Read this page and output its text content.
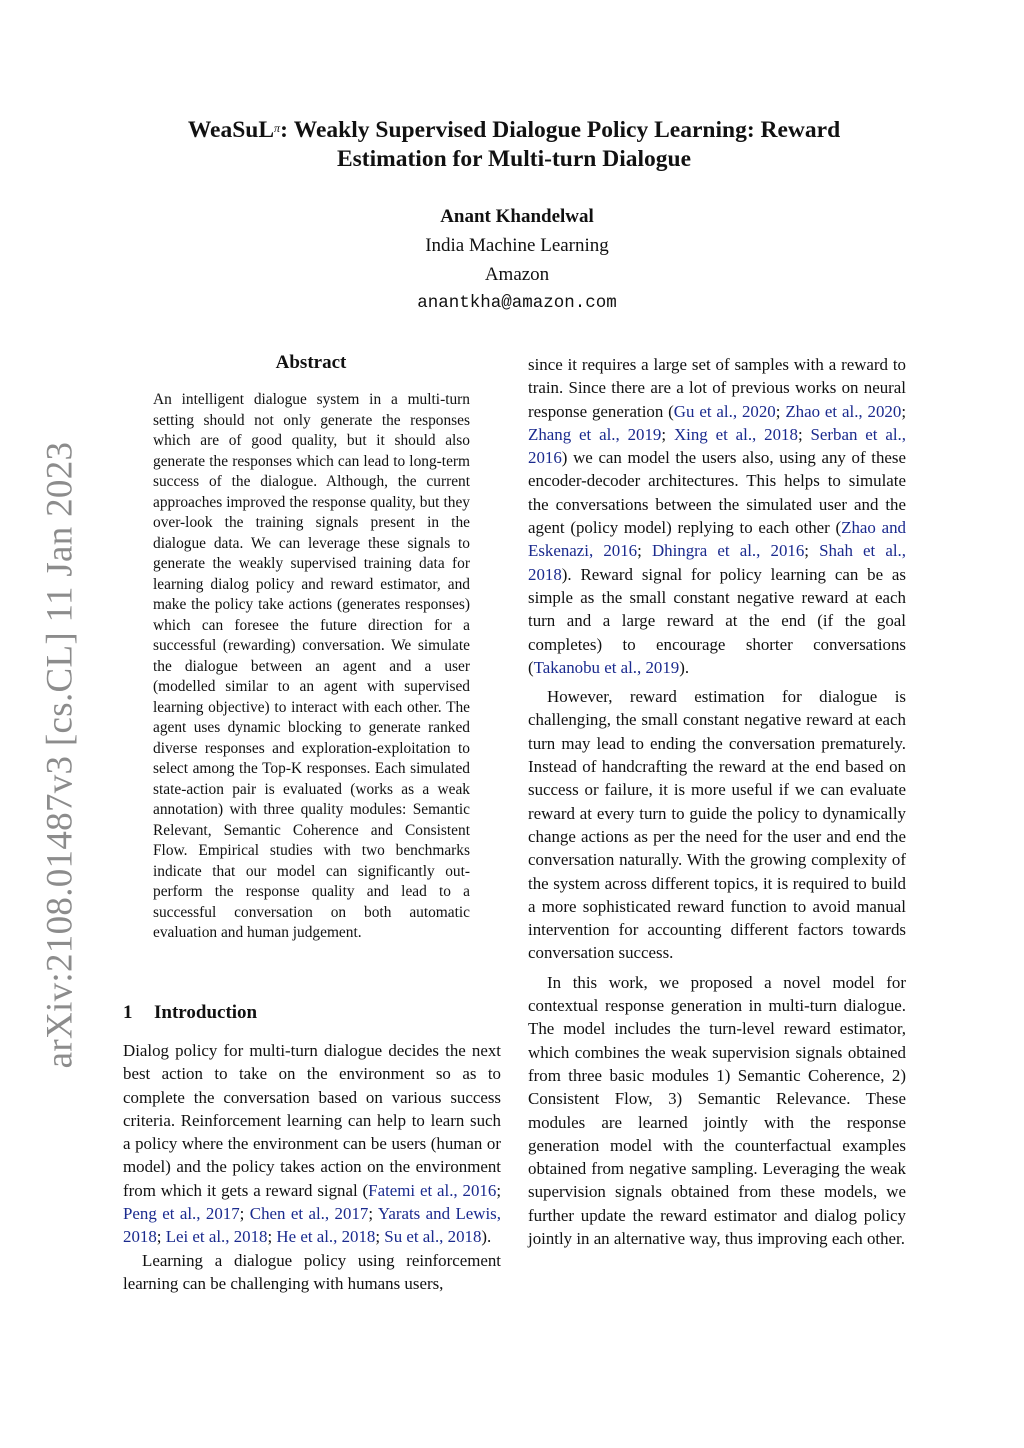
arXiv:2108.01487v3 [cs.CL] 11 Jan 2023
WeaSuL$^\pi$: Weakly Supervised Dialogue Policy Learning: Reward
Estimation for Multi-turn Dialogue
Anant Khandelwal
India Machine Learning
Amazon
anantkha@amazon.com
Abstract
An intelligent dialogue system in a multi-turn setting should not only generate the responses which are of good quality, but it should also generate the responses which can lead to long-term success of the dialogue. Although, the current approaches improved the response quality, but they over-look the training signals present in the dialogue data. We can leverage these signals to generate the weakly supervised training data for learning dialog policy and reward estimator, and make the policy take actions (generates responses) which can foresee the future direction for a successful (rewarding) conversation. We simulate the dialogue between an agent and a user (modelled similar to an agent with supervised learning objective) to interact with each other. The agent uses dynamic blocking to generate ranked diverse responses and exploration-exploitation to select among the Top-K responses. Each simulated state-action pair is evaluated (works as a weak annotation) with three quality modules: Semantic Relevant, Semantic Coherence and Consistent Flow. Empirical studies with two benchmarks indicate that our model can significantly out-perform the response quality and lead to a successful conversation on both automatic evaluation and human judgement.
1 Introduction

Dialog policy for multi-turn dialogue decides the next best action to take on the environment so as to complete the conversation based on various success criteria. Reinforcement learning can help to learn such a policy where the environment can be users (human or model) and the policy takes action on the environment from which it gets a reward signal (Fatemi et al., 2016; Peng et al., 2017; Chen et al., 2017; Yarats and Lewis, 2018; Lei et al., 2018; He et al., 2018; Su et al., 2018).

Learning a dialogue policy using reinforcement learning can be challenging with humans users,

since it requires a large set of samples with a reward to train. Since there are a lot of previous works on neural response generation (Gu et al., 2020; Zhao et al., 2020; Zhang et al., 2019; Xing et al., 2018; Serban et al., 2016) we can model the users also, using any of these encoder-decoder architectures. This helps to simulate the conversations between the simulated user and the agent (policy model) replying to each other (Zhao and Eskenazi, 2016; Dhingra et al., 2016; Shah et al., 2018). Reward signal for policy learning can be as simple as the small constant negative reward at each turn and a large reward at the end (if the goal completes) to encourage shorter conversations (Takanobu et al., 2019).

However, reward estimation for dialogue is challenging, the small constant negative reward at each turn may lead to ending the conversation prematurely. Instead of handcrafting the reward at the end based on success or failure, it is more useful if we can evaluate reward at every turn to guide the policy to dynamically change actions as per the need for the user and end the conversation naturally. With the growing complexity of the system across different topics, it is required to build a more sophisticated reward function to avoid manual intervention for accounting different factors towards conversation success.

In this work, we proposed a novel model for contextual response generation in multi-turn dialogue. The model includes the turn-level reward estimator, which combines the weak supervision signals obtained from three basic modules 1) Semantic Coherence, 2) Consistent Flow, 3) Semantic Relevance. These modules are learned jointly with the response generation model with the counterfactual examples obtained from negative sampling. Leveraging the weak supervision signals obtained from these models, we further update the reward estimator and dialog policy jointly in an alternative way, thus improving each other.
